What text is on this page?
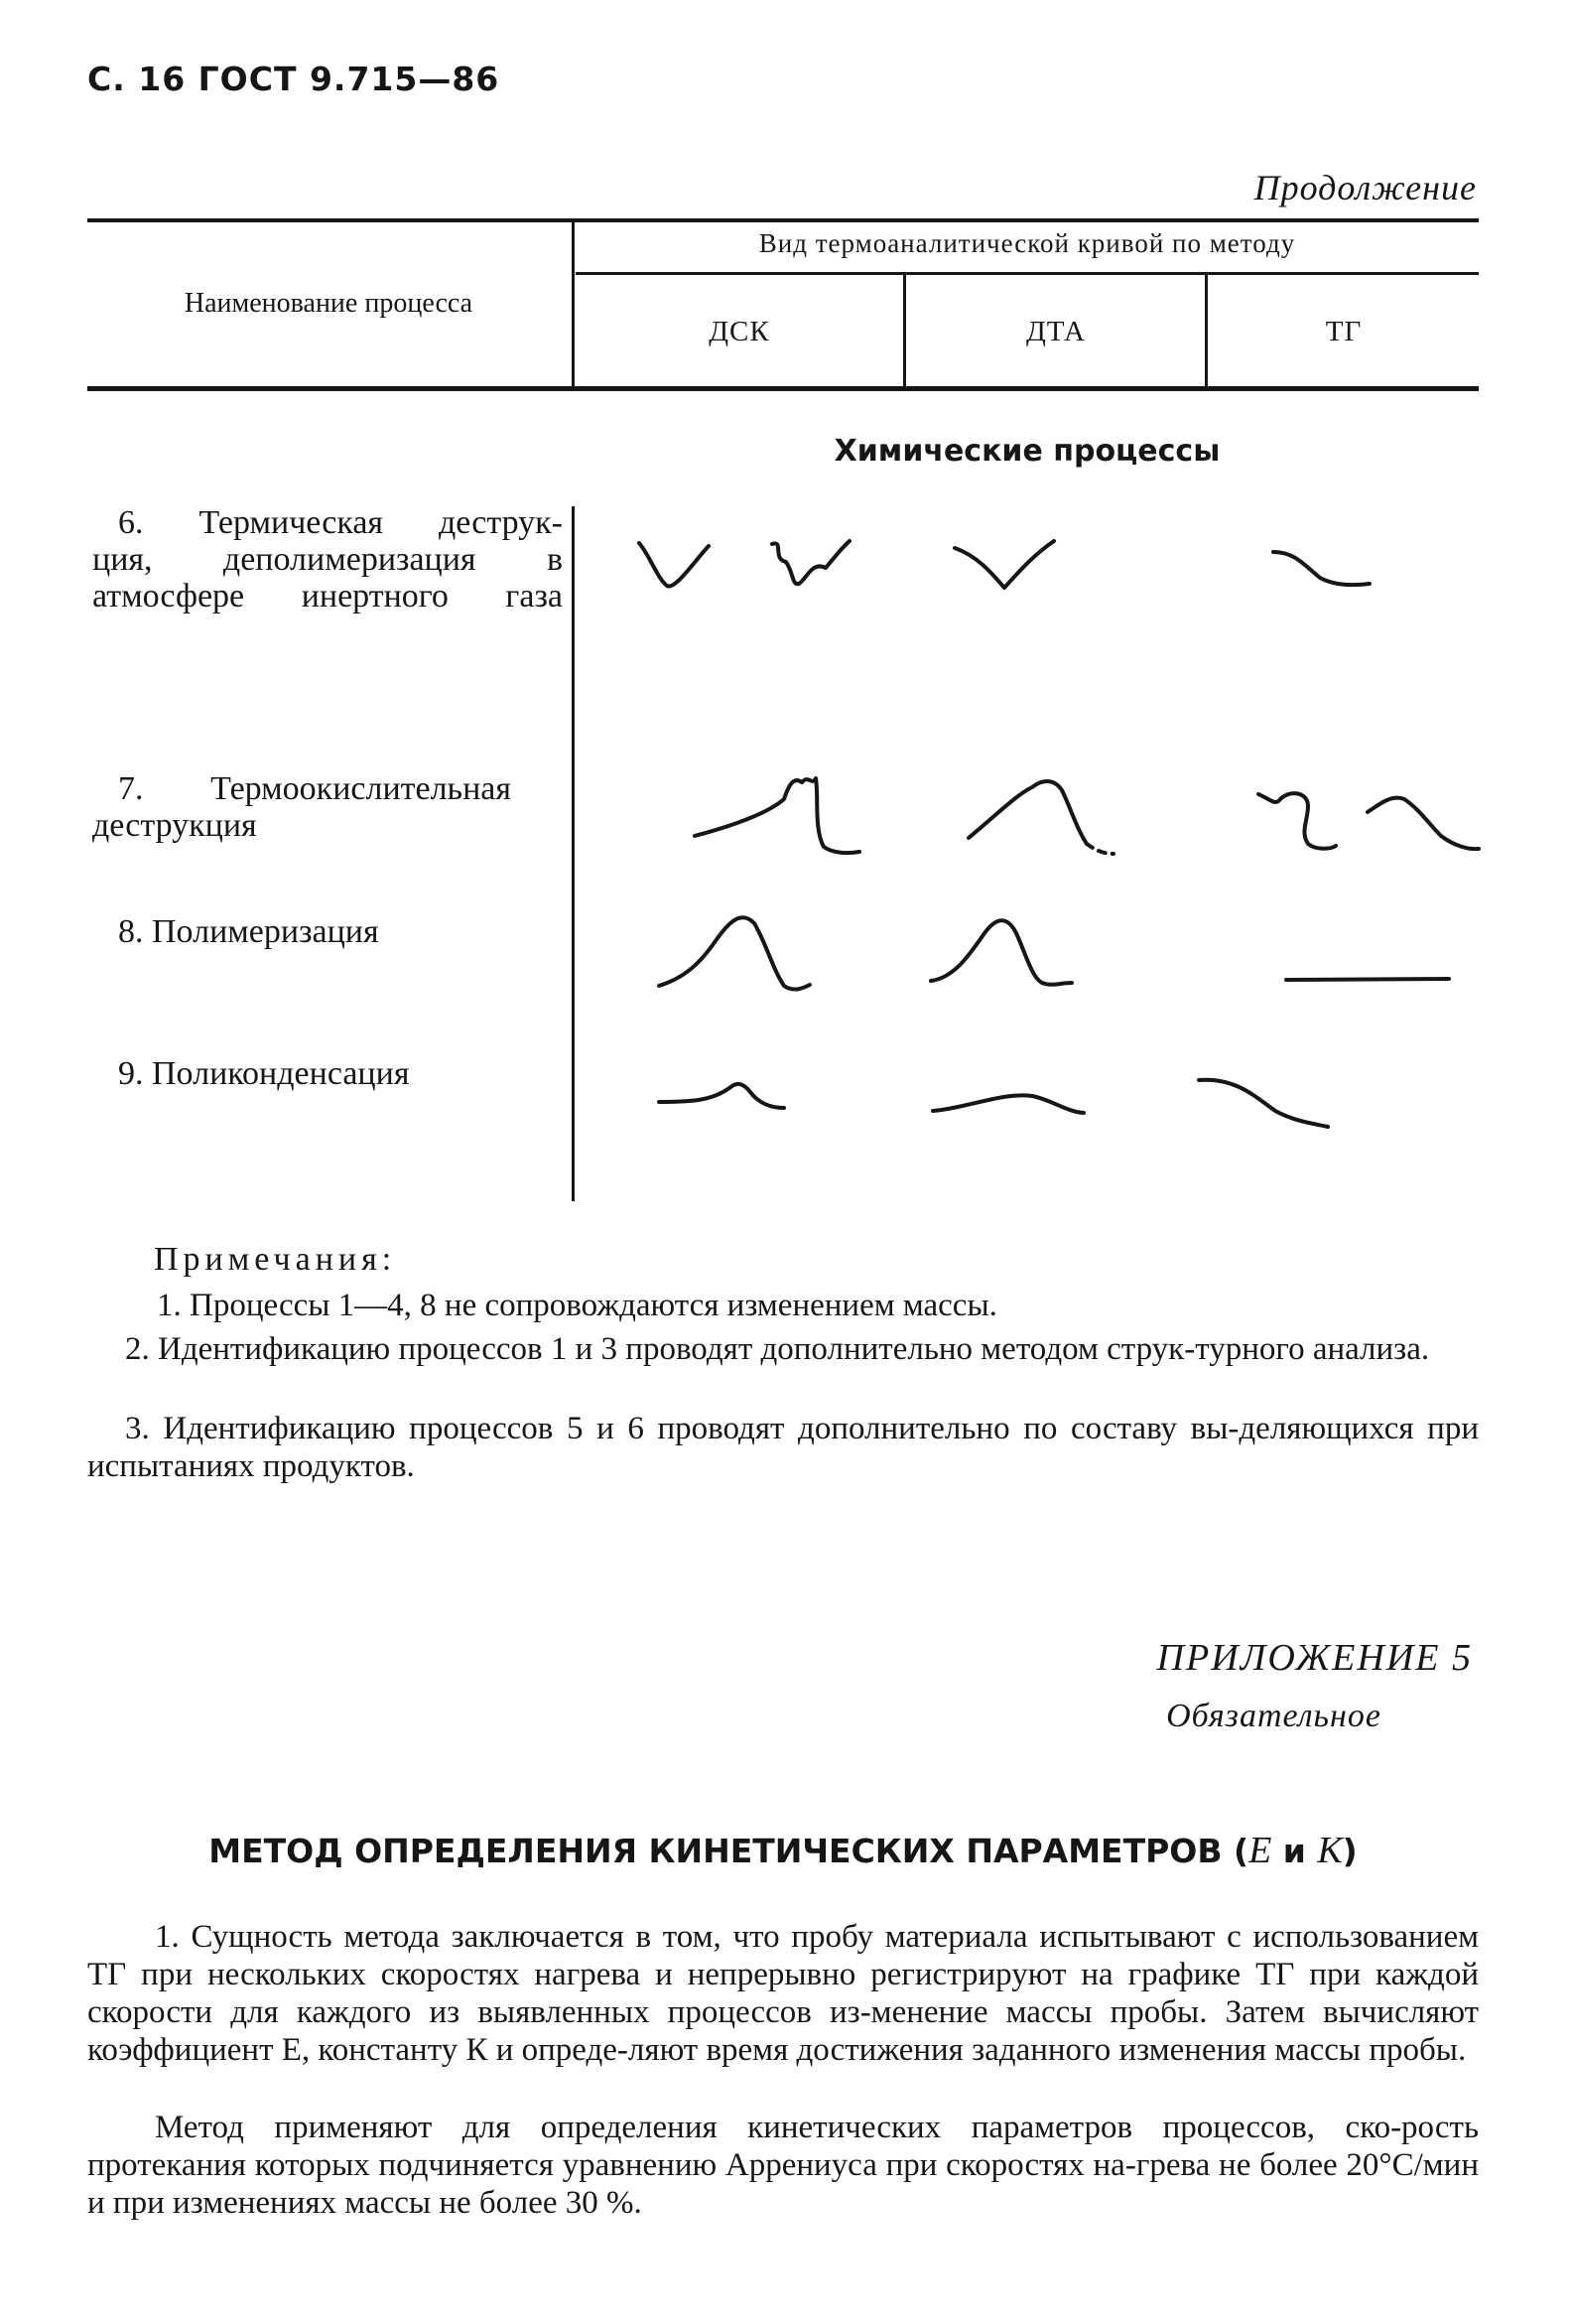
С. 16 ГОСТ 9.715—86
Продолжение
Наименование процесса
Вид термоаналитической кривой по методу
ДСК	ДТА	ТГ
Химические процессы
6. Термическая деструк-
ция, деполимеризация в
атмосфере инертного газа
7. Термоокислительная
деструкция
8. Полимеризация
9. Поликонденсация
Примечания:
1. Процессы 1—4, 8 не сопровождаются изменением массы.
2. Идентификацию процессов 1 и 3 проводят дополнительно методом струк-турного анализа.
3. Идентификацию процессов 5 и 6 проводят дополнительно по составу вы-деляющихся при испытаниях продуктов.
ПРИЛОЖЕНИЕ 5
Обязательное
МЕТОД ОПРЕДЕЛЕНИЯ КИНЕТИЧЕСКИХ ПАРАМЕТРОВ (Е и К)
1. Сущность метода заключается в том, что пробу материала испытывают с использованием ТГ при нескольких скоростях нагрева и непрерывно регистрируют на графике ТГ при каждой скорости для каждого из выявленных процессов из-менение массы пробы. Затем вычисляют коэффициент Е, константу К и опреде-ляют время достижения заданного изменения массы пробы.
Метод применяют для определения кинетических параметров процессов, ско-рость протекания которых подчиняется уравнению Аррениуса при скоростях на-грева не более 20°С/мин и при изменениях массы не более 30 %.
